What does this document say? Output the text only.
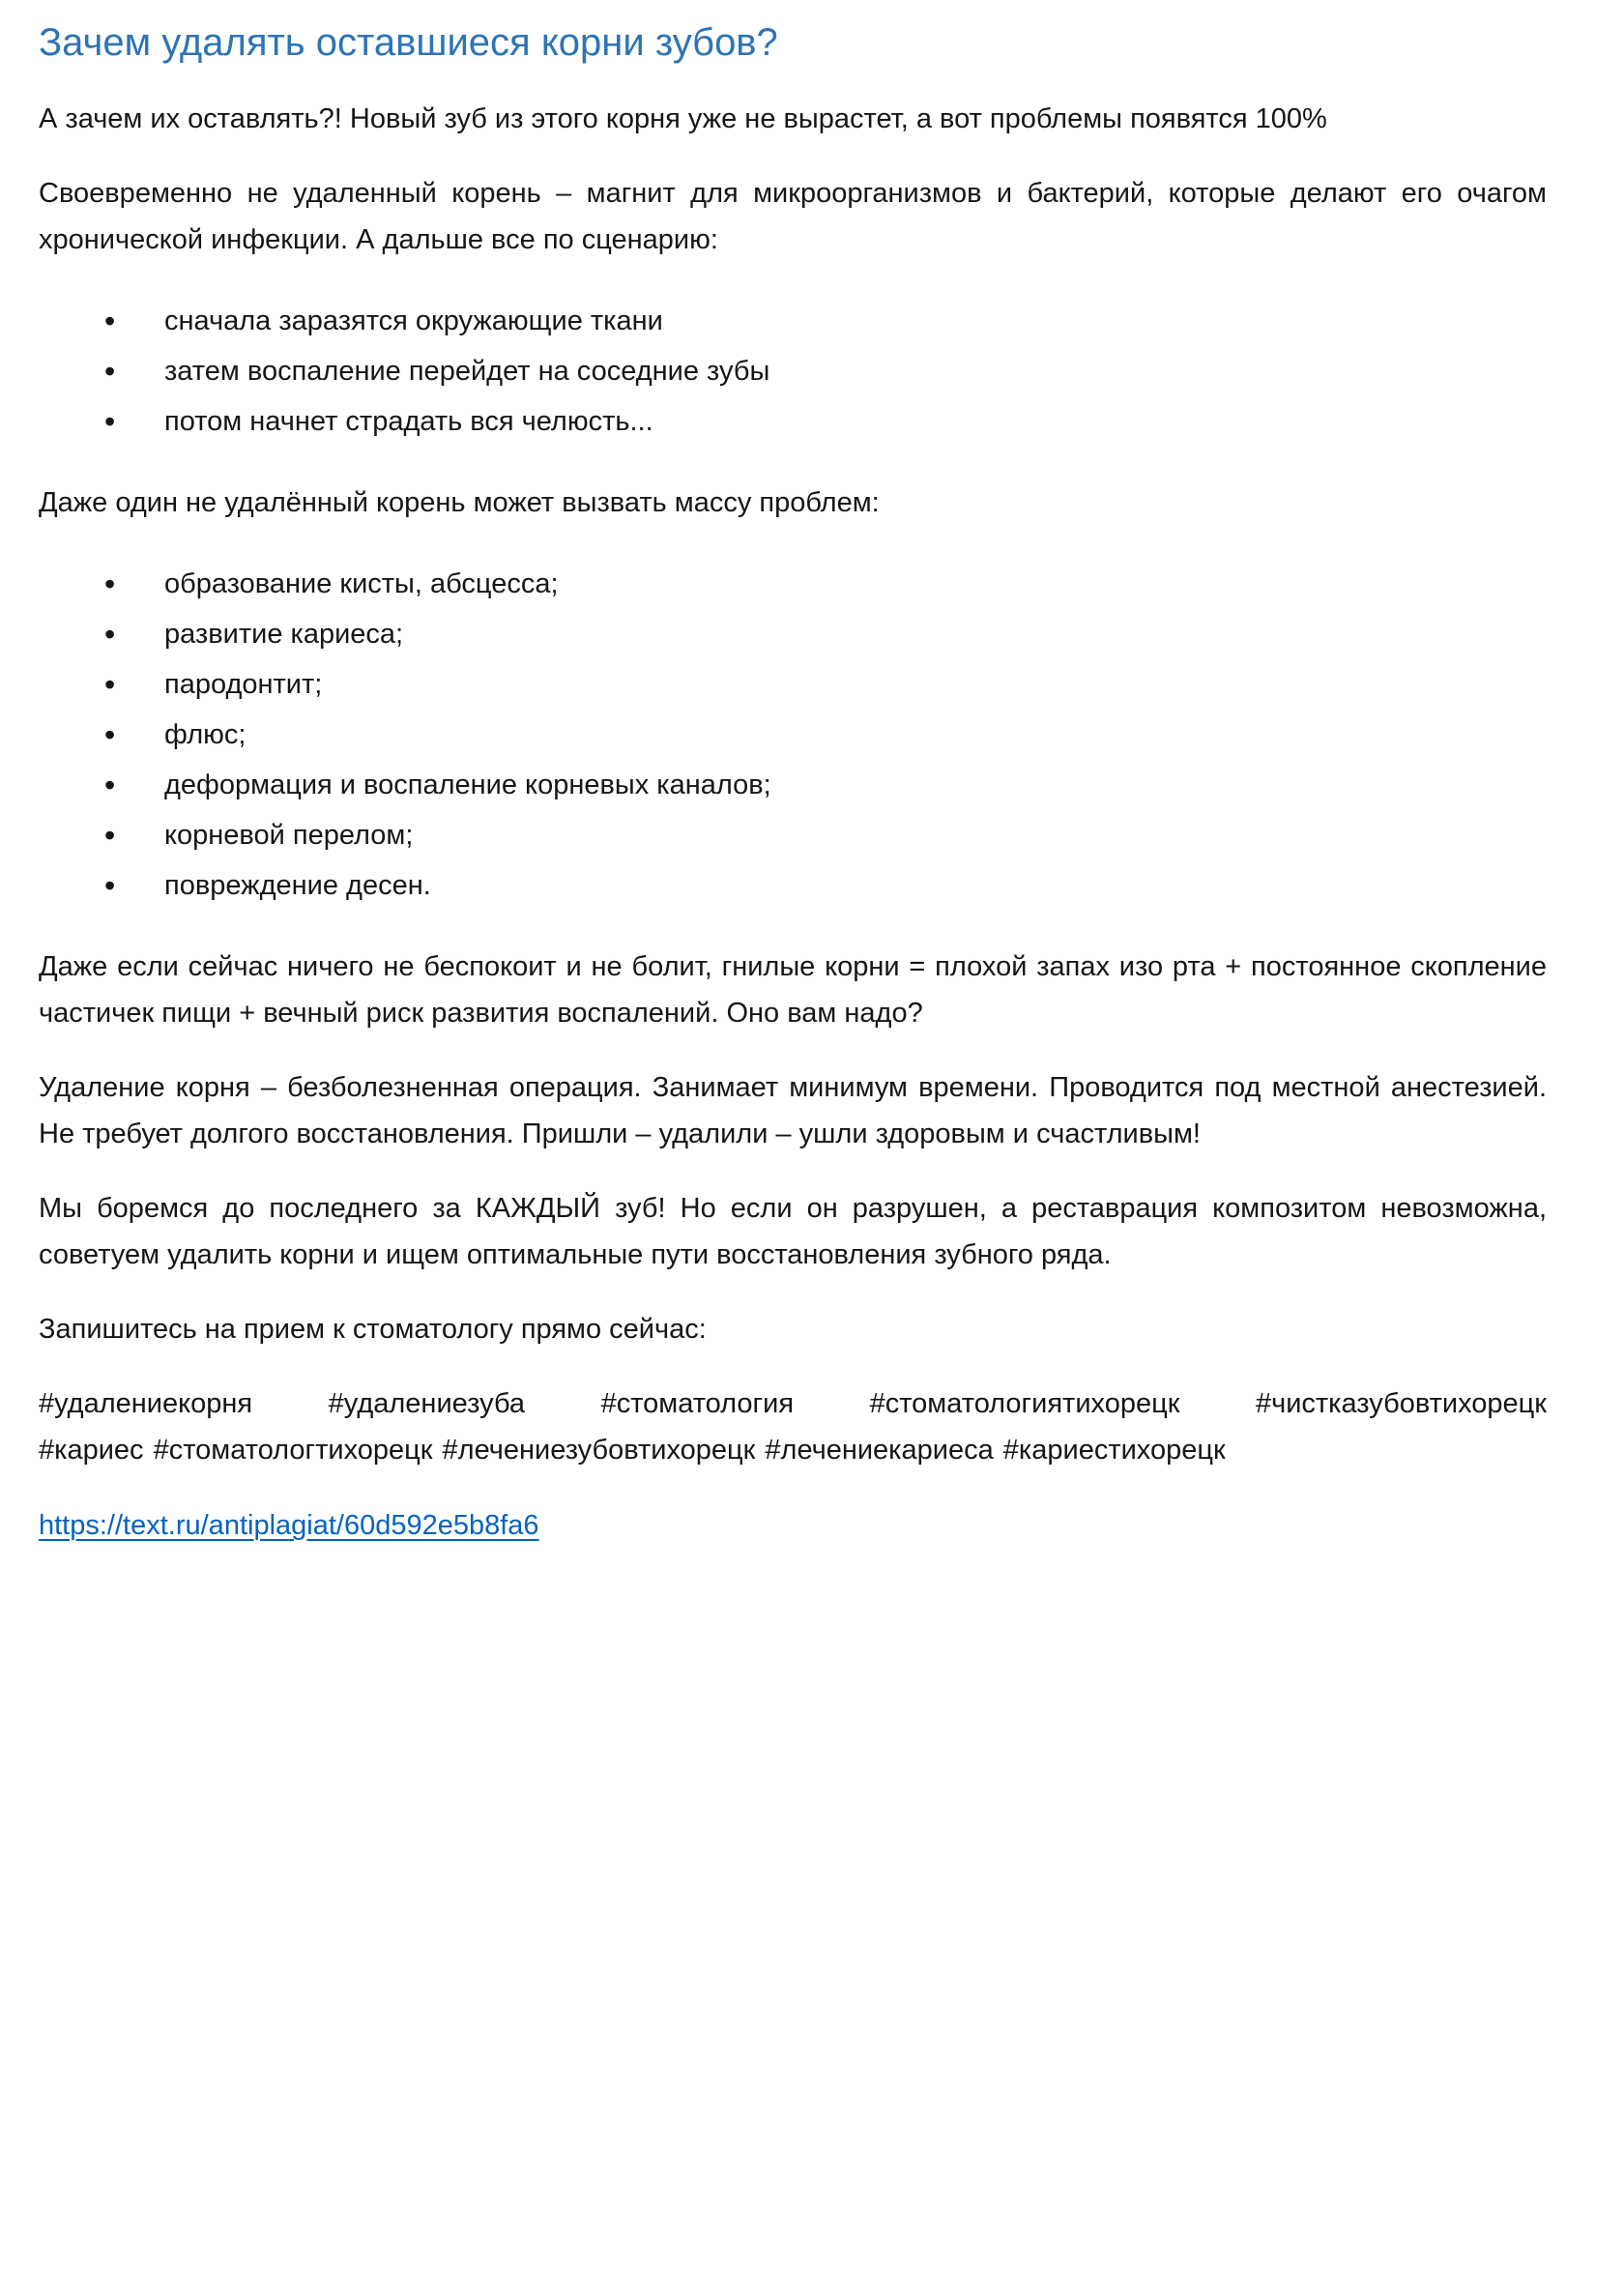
Зачем удалять оставшиеся корни зубов?

А зачем их оставлять?! Новый зуб из этого корня уже не вырастет, а вот проблемы появятся 100%

Своевременно не удаленный корень – магнит для микроорганизмов и бактерий, которые делают его очагом хронической инфекции. А дальше все по сценарию:

• сначала заразятся окружающие ткани
• затем воспаление перейдет на соседние зубы
• потом начнет страдать вся челюсть...

Даже один не удалённый корень может вызвать массу проблем:

• образование кисты, абсцесса;
• развитие кариеса;
• пародонтит;
• флюс;
• деформация и воспаление корневых каналов;
• корневой перелом;
• повреждение десен.

Даже если сейчас ничего не беспокоит и не болит, гнилые корни = плохой запах изо рта + постоянное скопление частичек пищи + вечный риск развития воспалений. Оно вам надо?

Удаление корня – безболезненная операция. Занимает минимум времени. Проводится под местной анестезией. Не требует долгого восстановления. Пришли – удалили – ушли здоровым и счастливым!

Мы боремся до последнего за КАЖДЫЙ зуб! Но если он разрушен, а реставрация композитом невозможна, советуем удалить корни и ищем оптимальные пути восстановления зубного ряда.

Запишитесь на прием к стоматологу прямо сейчас:

#удалениекорня	#удалениезуба	#стоматология	#стоматологиятихорецк	#чистказубовтихорецк
#кариес #стоматологтихорецк #лечениезубовтихорецк #лечениекариеса #кариестихорецк

https://text.ru/antiplagiat/60d592e5b8fa6
